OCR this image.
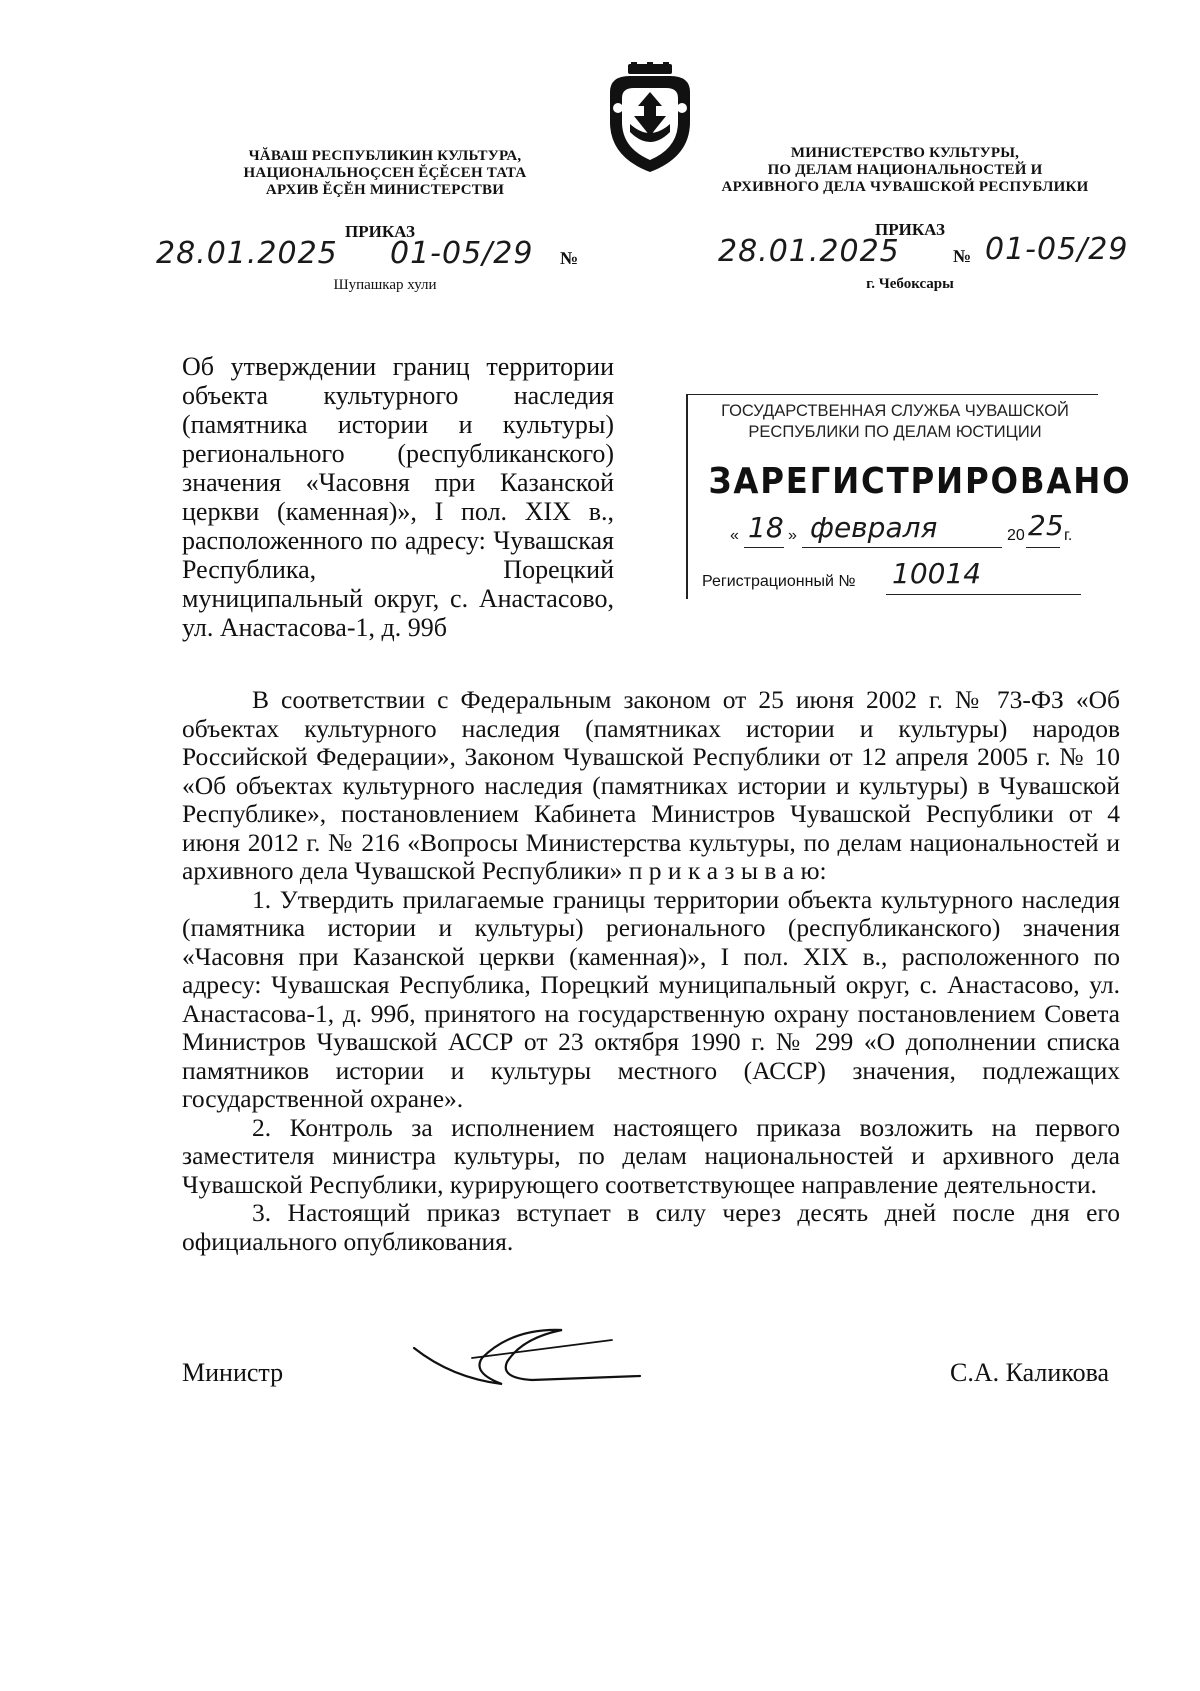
ЧĂВАШ РЕСПУБЛИКИН КУЛЬТУРА,
НАЦИОНАЛЬНОÇСЕН ĔÇĔСЕН ТАТА
АРХИВ ĔÇĔН МИНИСТЕРСТВИ
ПРИКАЗ
28.01.2025 01-05/29 №
Шупашкар хули
МИНИСТЕРСТВО КУЛЬТУРЫ,
ПО ДЕЛАМ НАЦИОНАЛЬНОСТЕЙ И
АРХИВНОГО ДЕЛА ЧУВАШСКОЙ РЕСПУБЛИКИ
ПРИКАЗ
28.01.2025	№ 01-05/29
г. Чебоксары
Об утверждении границ территории объекта культурного наследия (памятника истории и культуры) регионального (республиканского) значения «Часовня при Казанской церкви (каменная)», I пол. XIX в., расположенного по адресу: Чувашская Республика, Порецкий муниципальный округ, с. Анастасово, ул. Анастасова-1, д. 99б
ГОСУДАРСТВЕННАЯ СЛУЖБА ЧУВАШСКОЙ
РЕСПУБЛИКИ ПО ДЕЛАМ ЮСТИЦИИ
ЗАРЕГИСТРИРОВАНО
« 18 » февраля	20 25 г.
Регистрационный № 10014

В соответствии с Федеральным законом от 25 июня 2002 г. № 73-ФЗ «Об объектах культурного наследия (памятниках истории и культуры) народов Российской Федерации», Законом Чувашской Республики от 12 апреля 2005 г. № 10 «Об объектах культурного наследия (памятниках истории и культуры) в Чувашской Республике», постановлением Кабинета Министров Чувашской Республики от 4 июня 2012 г. № 216 «Вопросы Министерства культуры, по делам национальностей и архивного дела Чувашской Республики» п р и к а з ы в а ю:

1. Утвердить прилагаемые границы территории объекта культурного наследия (памятника истории и культуры) регионального (республиканского) значения «Часовня при Казанской церкви (каменная)», I пол. XIX в., расположенного по адресу: Чувашская Республика, Порецкий муниципальный округ, с. Анастасово, ул. Анастасова-1, д. 99б, принятого на государственную охрану постановлением Совета Министров Чувашской АССР от 23 октября 1990 г. № 299 «О дополнении списка памятников истории и культуры местного (АССР) значения, подлежащих государственной охране».

2. Контроль за исполнением настоящего приказа возложить на первого заместителя министра культуры, по делам национальностей и архивного дела Чувашской Республики, курирующего соответствующее направление деятельности.

3. Настоящий приказ вступает в силу через десять дней после дня его официального опубликования.

Министр	С.А. Каликова
